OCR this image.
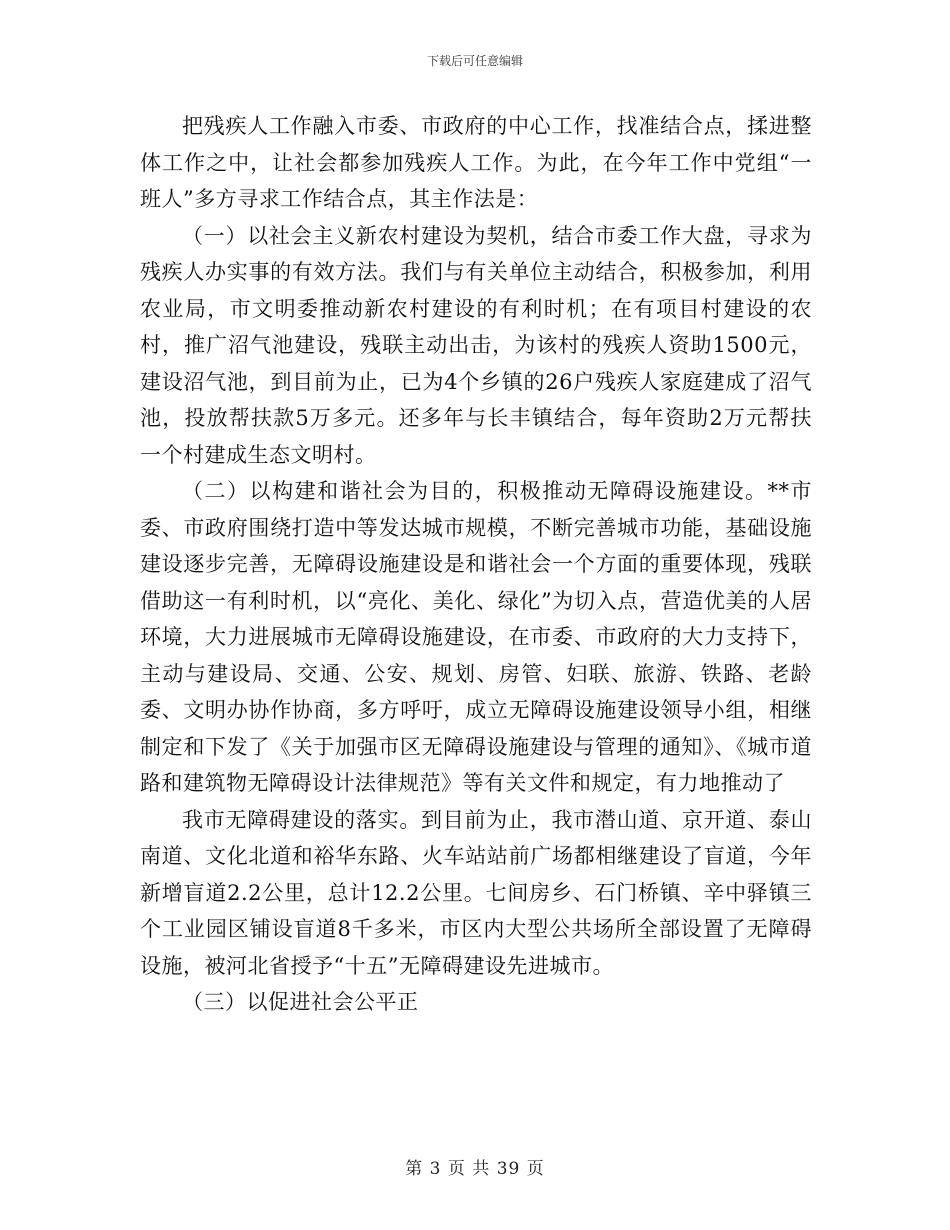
下载后可任意编辑

把残疾人工作融入市委、市政府的中心工作，找准结合点，揉进整体工作之中，让社会都参加残疾人工作。为此，在今年工作中党组“一班人”多方寻求工作结合点，其主作法是：

（一）以社会主义新农村建设为契机，结合市委工作大盘，寻求为残疾人办实事的有效方法。我们与有关单位主动结合，积极参加，利用农业局，市文明委推动新农村建设的有利时机；在有项目村建设的农村，推广沼气池建设，残联主动出击，为该村的残疾人资助1500元，建设沼气池，到目前为止，已为4个乡镇的26户残疾人家庭建成了沼气池，投放帮扶款5万多元。还多年与长丰镇结合，每年资助2万元帮扶一个村建成生态文明村。

（二）以构建和谐社会为目的，积极推动无障碍设施建设。**市委、市政府围绕打造中等发达城市规模，不断完善城市功能，基础设施建设逐步完善，无障碍设施建设是和谐社会一个方面的重要体现，残联借助这一有利时机，以“亮化、美化、绿化”为切入点，营造优美的人居环境，大力进展城市无障碍设施建设，在市委、市政府的大力支持下，主动与建设局、交通、公安、规划、房管、妇联、旅游、铁路、老龄委、文明办协作协商，多方呼吁，成立无障碍设施建设领导小组，相继制定和下发了《关于加强市区无障碍设施建设与管理的通知》、《城市道路和建筑物无障碍设计法律规范》等有关文件和规定，有力地推动了

我市无障碍建设的落实。到目前为止，我市潜山道、京开道、泰山南道、文化北道和裕华东路、火车站站前广场都相继建设了盲道，今年新增盲道2.2公里，总计12.2公里。七间房乡、石门桥镇、辛中驿镇三个工业园区铺设盲道8千多米，市区内大型公共场所全部设置了无障碍设施，被河北省授予“十五”无障碍建设先进城市。

（三）以促进社会公平正

第 3 页 共 39 页
